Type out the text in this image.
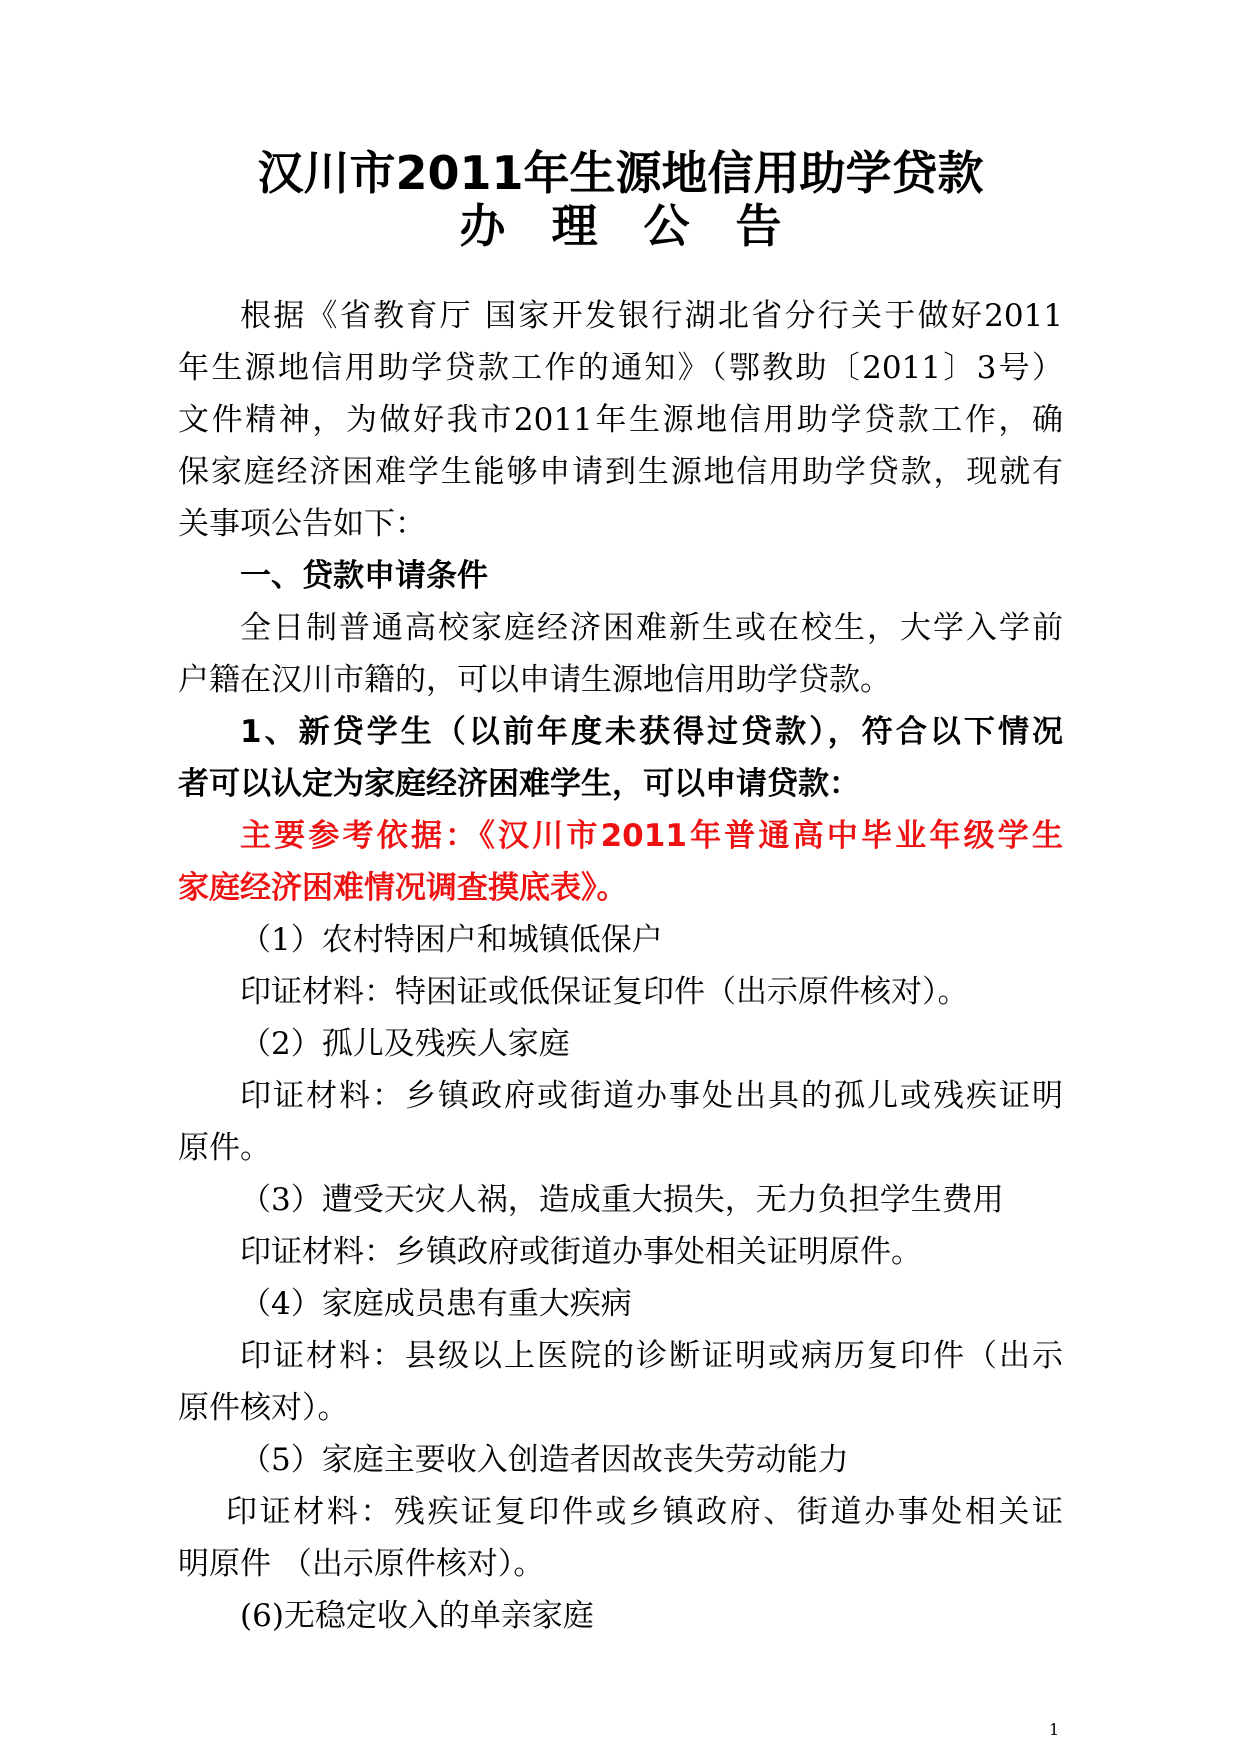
汉川市2011年生源地信用助学贷款
办理公告

根据《省教育厅 国家开发银行湖北省分行关于做好2011

年生源地信用助学贷款工作的通知》（鄂教助〔2011〕3号）

文件精神，为做好我市2011年生源地信用助学贷款工作，确

保家庭经济困难学生能够申请到生源地信用助学贷款，现就有

关事项公告如下：

一、贷款申请条件

全日制普通高校家庭经济困难新生或在校生，大学入学前

户籍在汉川市籍的，可以申请生源地信用助学贷款。

1、新贷学生（以前年度未获得过贷款），符合以下情况

者可以认定为家庭经济困难学生，可以申请贷款：

主要参考依据：《汉川市2011年普通高中毕业年级学生

家庭经济困难情况调查摸底表》。

（1）农村特困户和城镇低保户

印证材料：特困证或低保证复印件（出示原件核对）。

（2）孤儿及残疾人家庭

印证材料：乡镇政府或街道办事处出具的孤儿或残疾证明

原件。

（3）遭受天灾人祸，造成重大损失，无力负担学生费用

印证材料：乡镇政府或街道办事处相关证明原件。

（4）家庭成员患有重大疾病

印证材料：县级以上医院的诊断证明或病历复印件（出示

原件核对）。

（5）家庭主要收入创造者因故丧失劳动能力

印证材料：残疾证复印件或乡镇政府、街道办事处相关证

明原件 （出示原件核对）。

(6)无稳定收入的单亲家庭

1
